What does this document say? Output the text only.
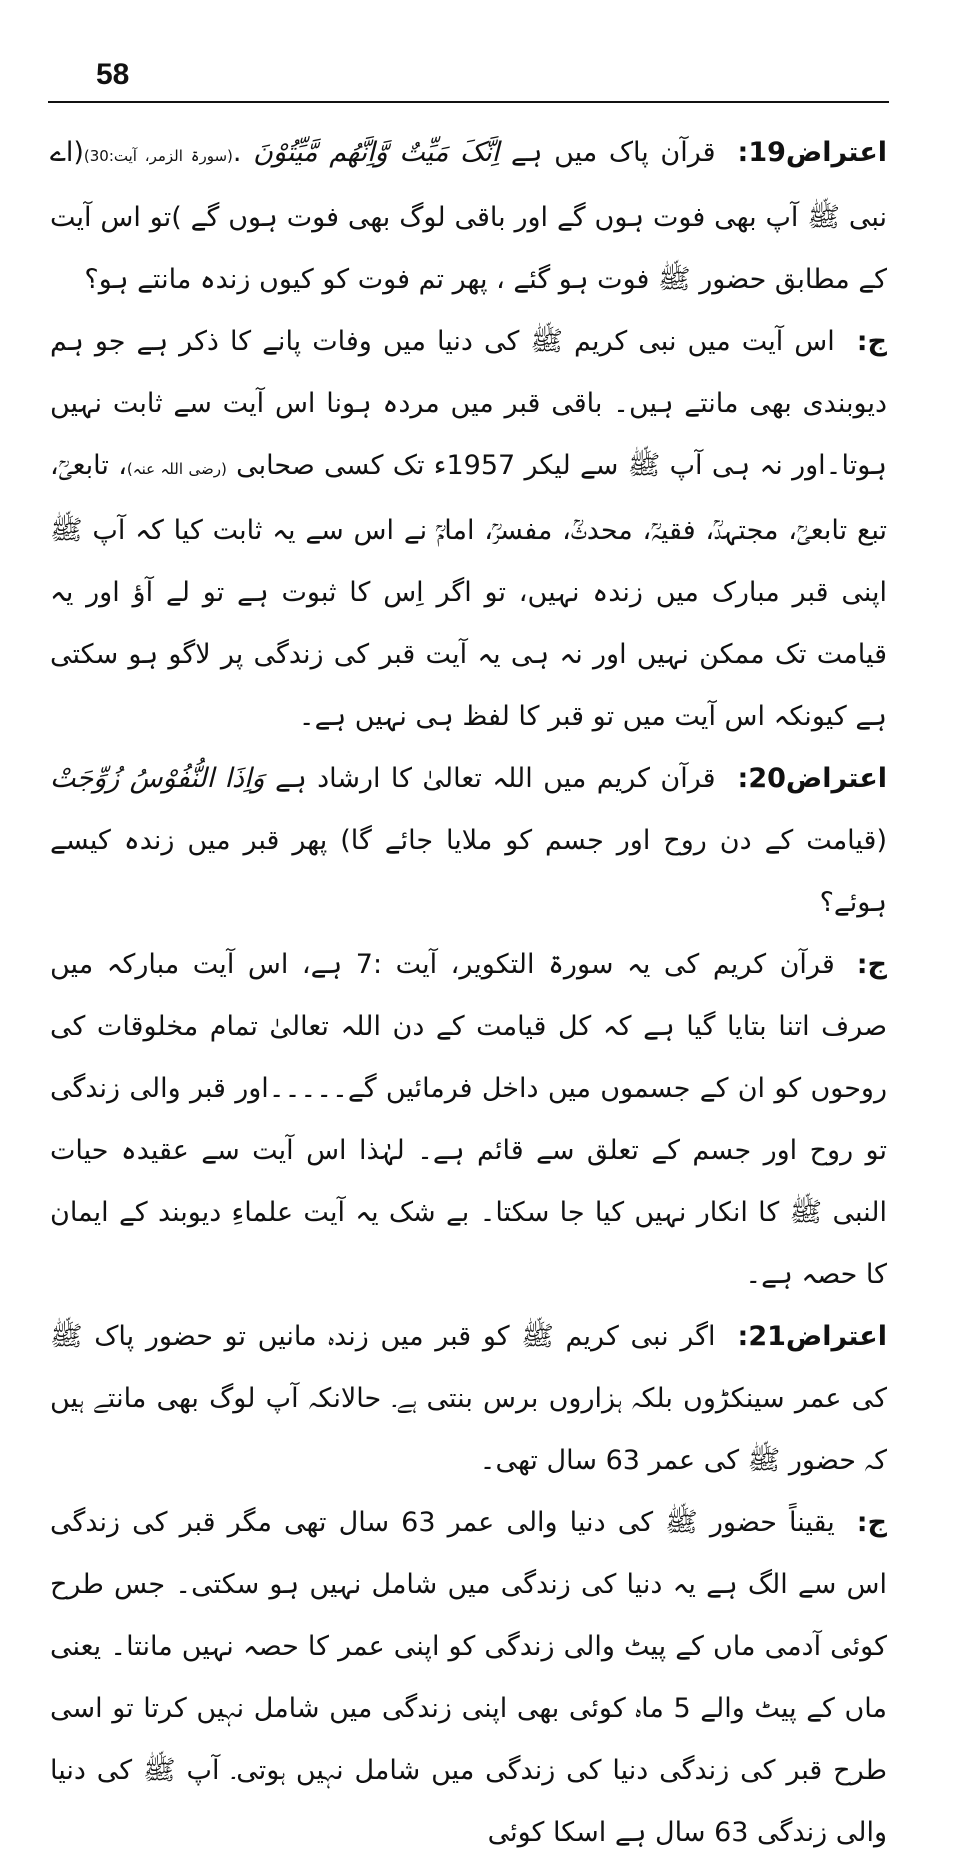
58

اعتراض19:قرآن پاک میں ہے اِنَّکَ مَیِّتٌ وَّاِنَّھُم مَّیِّتُوْنَ .(سورۃ الزمر، آیت:30)(اے نبی ﷺ آپ بھی فوت ہوں گے اور باقی لوگ بھی فوت ہوں گے )تو اس آیت کے مطابق حضور ﷺ فوت ہو گئے ، پھر تم فوت کو کیوں زندہ مانتے ہو؟

ج:اس آیت میں نبی کریم ﷺ کی دنیا میں وفات پانے کا ذکر ہے جو ہم دیوبندی بھی مانتے ہیں۔ باقی قبر میں مردہ ہونا اس آیت سے ثابت نہیں ہوتا۔اور نہ ہی آپ ﷺ سے لیکر 1957ء تک کسی صحابی (رضی اللہ عنہ)، تابعیؒ، تبع تابعیؒ، مجتہدؒ، فقیہؒ، محدثؒ، مفسرؒ، امامؒ نے اس سے یہ ثابت کیا کہ آپ ﷺ اپنی قبر مبارک میں زندہ نہیں، تو اگر اِس کا ثبوت ہے تو لے آؤ اور یہ قیامت تک ممکن نہیں اور نہ ہی یہ آیت قبر کی زندگی پر لاگو ہو سکتی ہے کیونکہ اس آیت میں تو قبر کا لفظ ہی نہیں ہے۔

اعتراض20:قرآن کریم میں اللہ تعالیٰ کا ارشاد ہے وَاِذَا النُّفُوْسُ زُوِّجَتْ (قیامت کے دن روح اور جسم کو ملایا جائے گا) پھر قبر میں زندہ کیسے ہوئے؟

ج:قرآن کریم کی یہ سورۃ التکویر، آیت :7 ہے، اس آیت مبارکہ میں صرف اتنا بتایا گیا ہے کہ کل قیامت کے دن اللہ تعالیٰ تمام مخلوقات کی روحوں کو ان کے جسموں میں داخل فرمائیں گے۔۔۔۔۔اور قبر والی زندگی تو روح اور جسم کے تعلق سے قائم ہے۔ لہٰذا اس آیت سے عقیدہ حیات النبی ﷺ کا انکار نہیں کیا جا سکتا۔ بے شک یہ آیت علماءِ دیوبند کے ایمان کا حصہ ہے۔

اعتراض21:اگر نبی کریم ﷺ کو قبر میں زندہ مانیں تو حضور پاک ﷺ کی عمر سینکڑوں بلکہ ہزاروں برس بنتی ہے۔ حالانکہ آپ لوگ بھی مانتے ہیں کہ حضور ﷺ کی عمر 63 سال تھی۔

ج:یقیناً حضور ﷺ کی دنیا والی عمر 63 سال تھی مگر قبر کی زندگی اس سے الگ ہے یہ دنیا کی زندگی میں شامل نہیں ہو سکتی۔ جس طرح کوئی آدمی ماں کے پیٹ والی زندگی کو اپنی عمر کا حصہ نہیں مانتا۔ یعنی ماں کے پیٹ والے 5 ماہ کوئی بھی اپنی زندگی میں شامل نہیں کرتا تو اسی طرح قبر کی زندگی دنیا کی زندگی میں شامل نہیں ہوتی۔ آپ ﷺ کی دنیا والی زندگی 63 سال ہے اسکا کوئی
